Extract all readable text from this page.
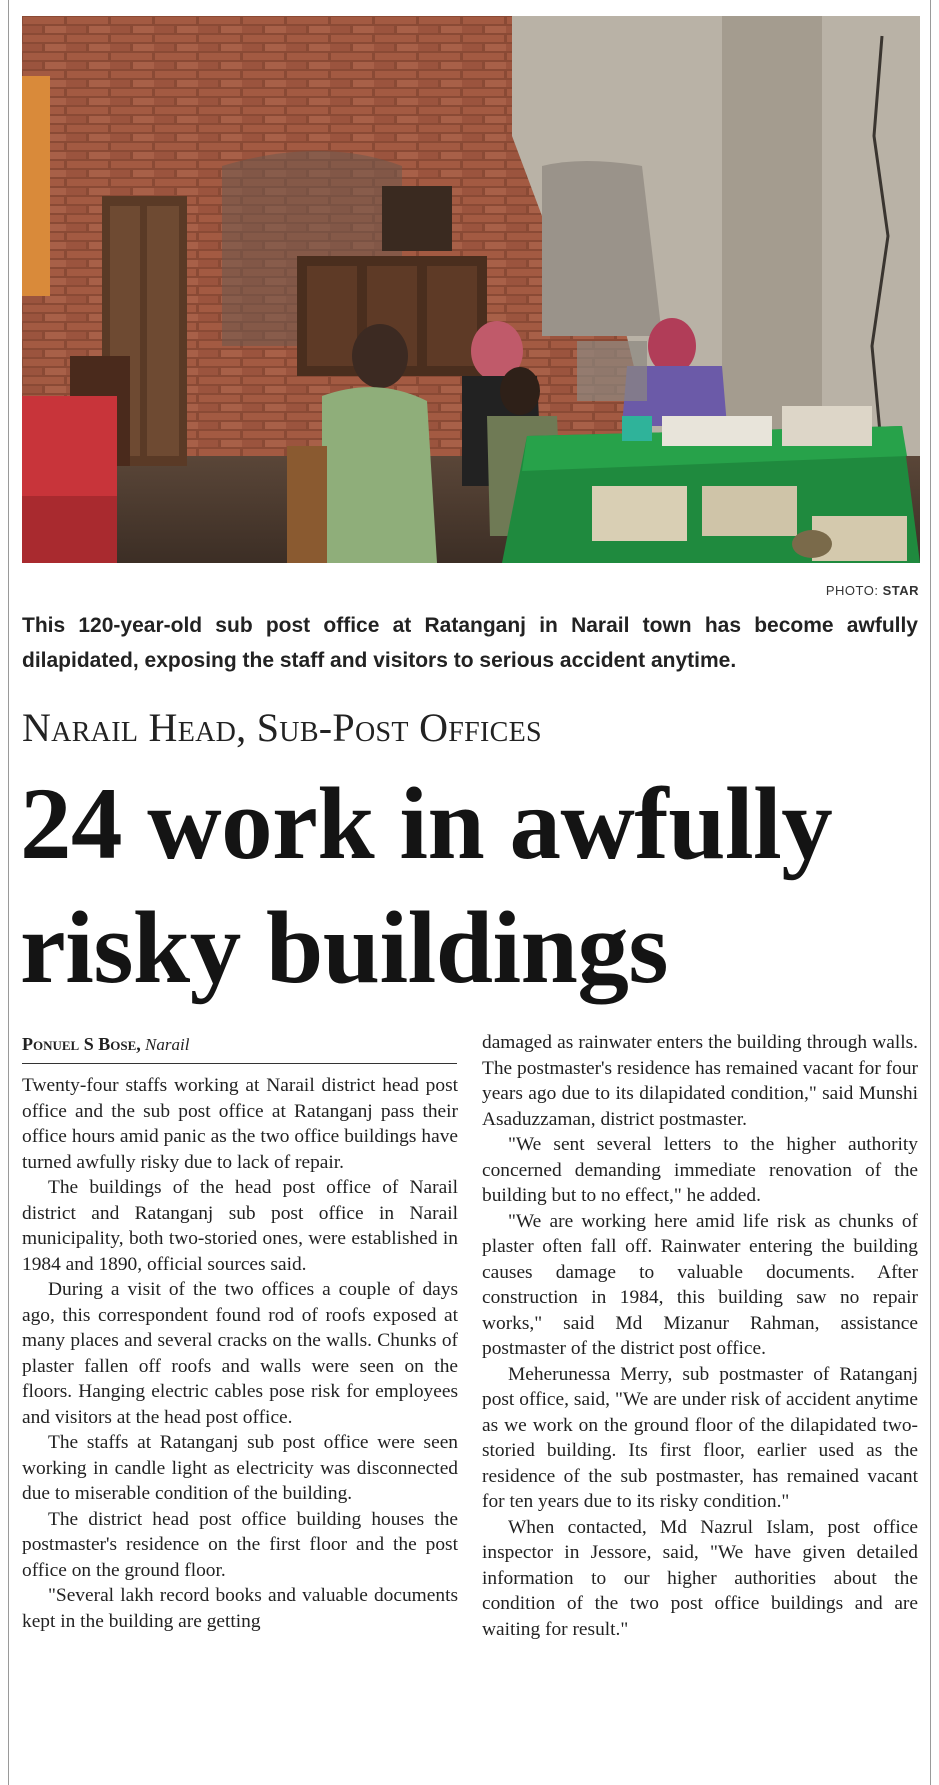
PHOTO: STAR
This 120-year-old sub post office at Ratanganj in Narail town has become awfully dilapidated, exposing the staff and visitors to serious accident anytime.
Narail Head, Sub-Post Offices
24 work in awfully risky buildings
Ponuel S Bose, Narail

Twenty-four staffs working at Narail district head post office and the sub post office at Ratanganj pass their office hours amid panic as the two office buildings have turned awfully risky due to lack of repair.

The buildings of the head post office of Narail district and Ratanganj sub post office in Narail municipality, both two-storied ones, were established in 1984 and 1890, official sources said.

During a visit of the two offices a couple of days ago, this correspondent found rod of roofs exposed at many places and several cracks on the walls. Chunks of plaster fallen off roofs and walls were seen on the floors. Hanging electric cables pose risk for employees and visitors at the head post office.

The staffs at Ratanganj sub post office were seen working in candle light as electricity was disconnected due to miserable condition of the building.

The district head post office building houses the postmaster's residence on the first floor and the post office on the ground floor.

"Several lakh record books and valuable documents kept in the building are getting

damaged as rainwater enters the building through walls. The postmaster's residence has remained vacant for four years ago due to its dilapidated condition," said Munshi Asaduzzaman, district postmaster.

"We sent several letters to the higher authority concerned demanding immediate renovation of the building but to no effect," he added.

"We are working here amid life risk as chunks of plaster often fall off. Rainwater entering the building causes damage to valuable documents. After construction in 1984, this building saw no repair works," said Md Mizanur Rahman, assistance postmaster of the district post office.

Meherunessa Merry, sub postmaster of Ratanganj post office, said, "We are under risk of accident anytime as we work on the ground floor of the dilapidated two-storied building. Its first floor, earlier used as the residence of the sub postmaster, has remained vacant for ten years due to its risky condition."

When contacted, Md Nazrul Islam, post office inspector in Jessore, said, "We have given detailed information to our higher authorities about the condition of the two post office buildings and are waiting for result."
